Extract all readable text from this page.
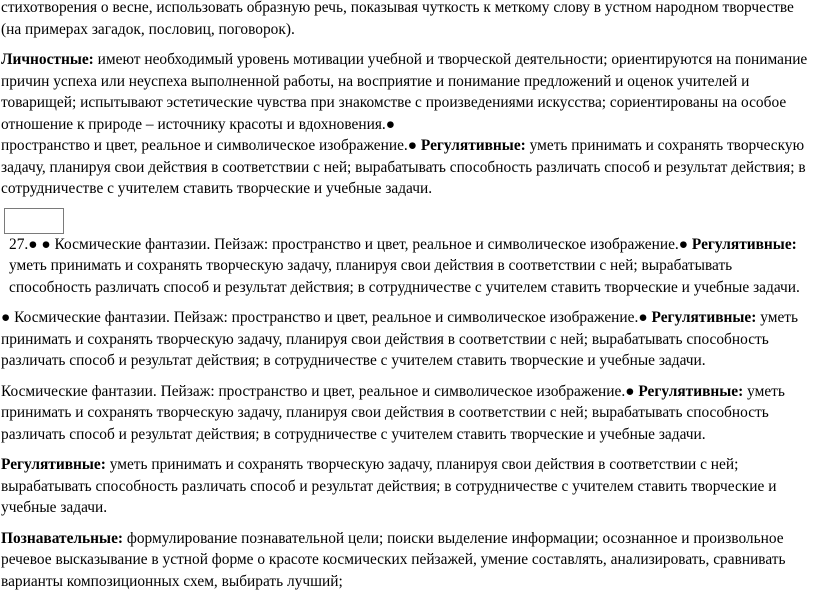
стихотворения о весне, использовать образную речь, показывая чуткость к меткому слову в устном народном творчестве
(на примерах загадок, пословиц, поговорок).

Личностные: имеют необходимый уровень мотивации учебной и творческой деятельности; ориентируются на понимание причин успеха или неуспеха выполненной работы, на восприятие и понимание предложений и оценок учителей и товарищей; испытывают эстетические чувства при знакомстве с произведениями искусства; сориентированы на особое отношение к природе – источнику красоты и вдохновения.●
пространство и цвет, реальное и символическое изображение.● Регулятивные: уметь принимать и сохранять творческую задачу, планируя свои действия в соответствии с ней; вырабатывать способность различать способ и результат действия; в сотрудничестве с учителем ставить творческие и учебные задачи.

27.● ● Космические фантазии. Пейзаж: пространство и цвет, реальное и символическое изображение.● Регулятивные: уметь принимать и сохранять творческую задачу, планируя свои действия в соответствии с ней; вырабатывать способность различать способ и результат действия; в сотрудничестве с учителем ставить творческие и учебные задачи.

● Космические фантазии. Пейзаж: пространство и цвет, реальное и символическое изображение.● Регулятивные: уметь принимать и сохранять творческую задачу, планируя свои действия в соответствии с ней; вырабатывать способность различать способ и результат действия; в сотрудничестве с учителем ставить творческие и учебные задачи.

Космические фантазии. Пейзаж: пространство и цвет, реальное и символическое изображение.● Регулятивные: уметь принимать и сохранять творческую задачу, планируя свои действия в соответствии с ней; вырабатывать способность различать способ и результат действия; в сотрудничестве с учителем ставить творческие и учебные задачи.

Регулятивные: уметь принимать и сохранять творческую задачу, планируя свои действия в соответствии с ней; вырабатывать способность различать способ и результат действия; в сотрудничестве с учителем ставить творческие и учебные задачи.

Познавательные: формулирование познавательной цели; поиски выделение информации; осознанное и произвольное речевое высказывание в устной форме о красоте космических пейзажей, умение составлять, анализировать, сравнивать варианты композиционных схем, выбирать лучший;
